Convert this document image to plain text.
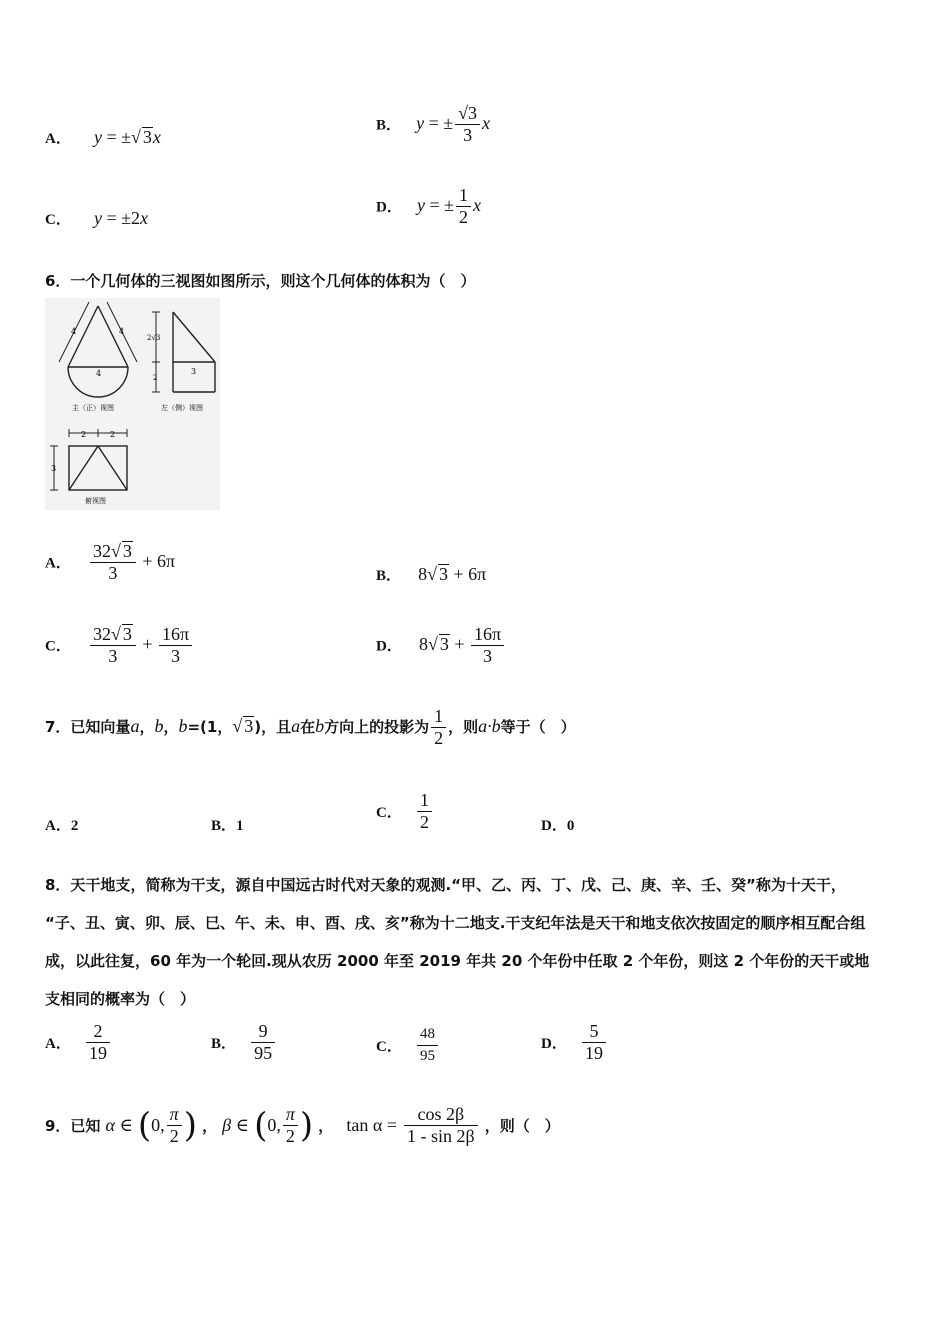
A． y = ±√ 3x
B． y = ± $\frac{√3}{3}$ x
C． y = ±2x
D． y = ± $\frac{1}{2}$ x
6．一个几何体的三视图如图所示，则这个几何体的体积为（　）
4	4
4
主（正）视图
2√3
2
3
左（侧）视图
2	2
3
俯视图
A． $\frac{32√ 3}{3} + 6\pi$
B． 8√ 3 + 6π
C． $\frac{32√ 3}{3} + \frac{16\pi}{3}$	D． 8√ $3 + \frac{16\pi}{3}$
7．已知向量a，b，b=(1，√ 3)，且a在b方向上的投影为 $\frac{1}{2}$ ，则a·b等于（　）
A．2	B．1
C． $\frac{1}{2}$	D．0
8．天干地支，简称为干支，源自中国远古时代对天象的观测.“甲、乙、丙、丁、戊、己、庚、辛、壬、癸”称为十天干，
“子、丑、寅、卯、辰、巳、午、未、申、酉、戌、亥”称为十二地支.干支纪年法是天干和地支依次按固定的顺序相互配合组
成，以此往复，60 年为一个轮回.现从农历 2000 年至 2019 年共 20 个年份中任取 2 个年份，则这 2 个年份的天干或地
支相同的概率为（　）
A． $\frac{2}{19}$	B． $\frac{9}{95}$	C． $\frac{48}{95}$	D． $\frac{5}{19}$
9．已知 α ∈ (0, $\frac{\pi}{2}$ ) ， β ∈ (0, $\frac{\pi}{2}$ ) ， $\tan \alpha = \frac{\cos 2\beta}{1 - \sin 2\beta}$ ，则（　）
